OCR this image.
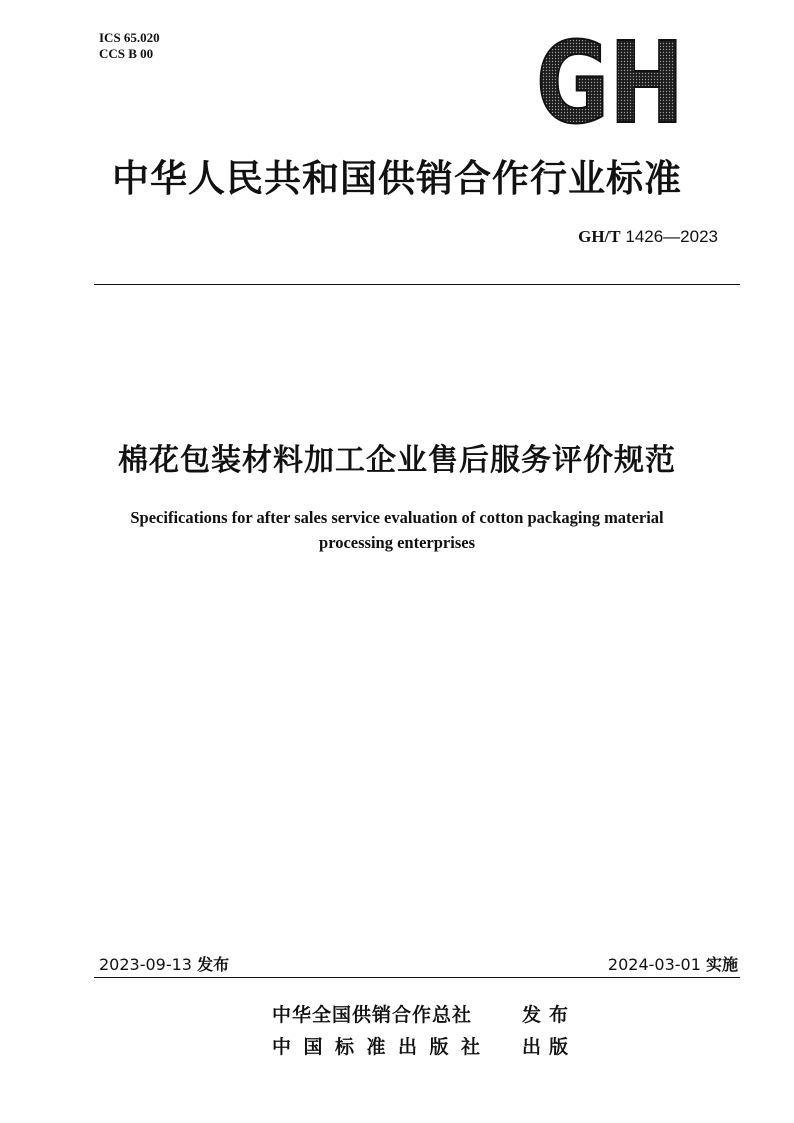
ICS 65.020
CCS B 00	GH
中华人民共和国供销合作行业标准
GH/T 1426—2023
棉花包装材料加工企业售后服务评价规范
Specifications for after sales service evaluation of cotton packaging material
processing enterprises
2023-09-13 发布	2024-03-01 实施
中华全国供销合作总社	发布
中国标准出版社 出版
